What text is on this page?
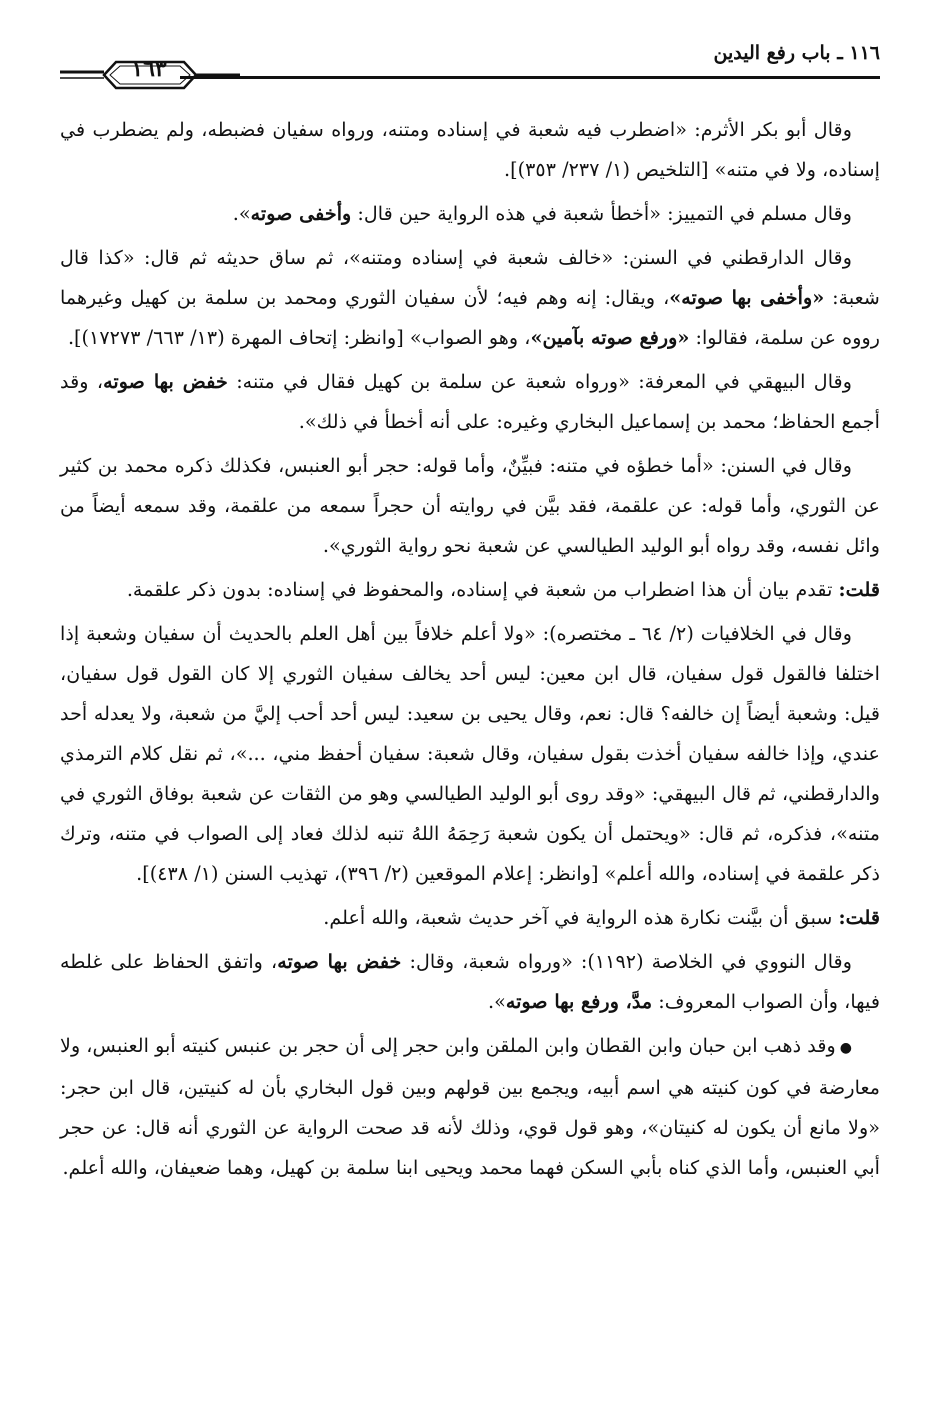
١١٦ ـ باب رفع اليدين
١٦٣

وقال أبو بكر الأثرم: «اضطرب فيه شعبة في إسناده ومتنه، ورواه سفيان فضبطه، ولم يضطرب في إسناده، ولا في متنه» [التلخيص (١/ ٢٣٧/ ٣٥٣)].

وقال مسلم في التمييز: «أخطأ شعبة في هذه الرواية حين قال: وأخفى صوته».

وقال الدارقطني في السنن: «خالف شعبة في إسناده ومتنه»، ثم ساق حديثه ثم قال: «كذا قال شعبة: «وأخفى بها صوته»، ويقال: إنه وهم فيه؛ لأن سفيان الثوري ومحمد بن سلمة بن كهيل وغيرهما رووه عن سلمة، فقالوا: «ورفع صوته بآمين»، وهو الصواب» [وانظر: إتحاف المهرة (١٣/ ٦٦٣/ ١٧٢٧٣)].

وقال البيهقي في المعرفة: «ورواه شعبة عن سلمة بن كهيل فقال في متنه: خفض بها صوته، وقد أجمع الحفاظ؛ محمد بن إسماعيل البخاري وغيره: على أنه أخطأ في ذلك».

وقال في السنن: «أما خطؤه في متنه: فبيِّنٌ، وأما قوله: حجر أبو العنبس، فكذلك ذكره محمد بن كثير عن الثوري، وأما قوله: عن علقمة، فقد بيَّن في روايته أن حجراً سمعه من علقمة، وقد سمعه أيضاً من وائل نفسه، وقد رواه أبو الوليد الطيالسي عن شعبة نحو رواية الثوري».

قلت: تقدم بيان أن هذا اضطراب من شعبة في إسناده، والمحفوظ في إسناده: بدون ذكر علقمة.

وقال في الخلافيات (٢/ ٦٤ ـ مختصره): «ولا أعلم خلافاً بين أهل العلم بالحديث أن سفيان وشعبة إذا اختلفا فالقول قول سفيان، قال ابن معين: ليس أحد يخالف سفيان الثوري إلا كان القول قول سفيان، قيل: وشعبة أيضاً إن خالفه؟ قال: نعم، وقال يحيى بن سعيد: ليس أحد أحب إليَّ من شعبة، ولا يعدله أحد عندي، وإذا خالفه سفيان أخذت بقول سفيان، وقال شعبة: سفيان أحفظ مني، ...»، ثم نقل كلام الترمذي والدارقطني، ثم قال البيهقي: «وقد روى أبو الوليد الطيالسي وهو من الثقات عن شعبة بوفاق الثوري في متنه»، فذكره، ثم قال: «ويحتمل أن يكون شعبة رَحِمَهُ اللهُ تنبه لذلك فعاد إلى الصواب في متنه، وترك ذكر علقمة في إسناده، والله أعلم» [وانظر: إعلام الموقعين (٢/ ٣٩٦)، تهذيب السنن (١/ ٤٣٨)].

قلت: سبق أن بيَّنت نكارة هذه الرواية في آخر حديث شعبة، والله أعلم.

وقال النووي في الخلاصة (١١٩٢): «ورواه شعبة، وقال: خفض بها صوته، واتفق الحفاظ على غلطه فيها، وأن الصواب المعروف: مدَّ، ورفع بها صوته».

●وقد ذهب ابن حبان وابن القطان وابن الملقن وابن حجر إلى أن حجر بن عنبس كنيته أبو العنبس، ولا معارضة في كون كنيته هي اسم أبيه، ويجمع بين قولهم وبين قول البخاري بأن له كنيتين، قال ابن حجر: «ولا مانع أن يكون له كنيتان»، وهو قول قوي، وذلك لأنه قد صحت الرواية عن الثوري أنه قال: عن حجر أبي العنبس، وأما الذي كناه بأبي السكن فهما محمد ويحيى ابنا سلمة بن كهيل، وهما ضعيفان، والله أعلم.
